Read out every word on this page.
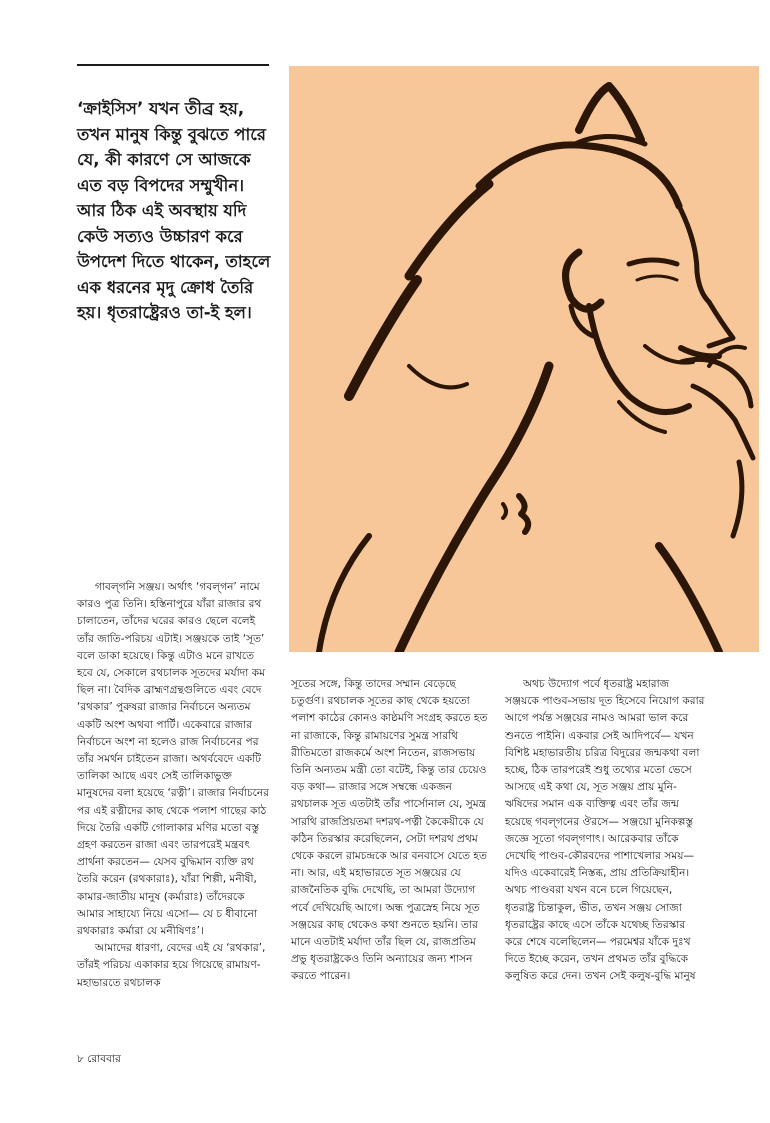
‘ক্রাইসিস’ যখন তীব্র হয়, তখন মানুষ কিন্তু বুঝতে পারে যে, কী কারণে সে আজকে এত বড় বিপদের সম্মুখীন। আর ঠিক এই অবস্থায় যদি কেউ সত্যও উচ্চারণ করে উপদেশ দিতে থাকেন, তাহলে এক ধরনের মৃদু ক্রোধ তৈরি হয়। ধৃতরাষ্ট্রেরও তা-ই হল।

গাবল্‌গনি সঞ্জয়। অর্থাৎ ‘গবল্‌গন’ নামে কারও পুত্র তিনি। হস্তিনাপুরে যাঁরা রাজার রথ চালাতেন, তাঁদের ঘরের কারও ছেলে বলেই তাঁর জাতি-পরিচয় এটাই। সঞ্জয়কে তাই ‘সূত’ বলে ডাকা হয়েছে। কিন্তু এটাও মনে রাখতে হবে যে, সেকালে রথচালক সূতদের মর্যাদা কম ছিল না। বৈদিক ব্রাহ্মণগ্রন্থগুলিতে এবং বেদে ‘রথকার’ পুরুষরা রাজার নির্বাচনে অন্যতম একটি অংশ অথবা পার্টি। একেবারে রাজার নির্বাচনে অংশ না হলেও রাজ নির্বাচনের পর তাঁর সমর্থন চাইতেন রাজা। অথর্ববেদে একটি তালিকা আছে এবং সেই তালিকাভুক্ত মানুষদের বলা হয়েছে ‘রত্নী’। রাজার নির্বাচনের পর এই রত্নীদের কাছ থেকে পলাশ গাছের কাঠ দিয়ে তৈরি একটি গোলাকার মণির মতো বস্তু গ্রহণ করতেন রাজা এবং তারপরেই মন্ত্রবৎ প্রার্থনা করতেন— যেসব বুদ্ধিমান ব্যক্তি রথ তৈরি করেন (রথকারাঃ), যাঁরা শিল্পী, মনীষী, কামার-জাতীয় মানুষ (কর্মারাঃ) তাঁদেরকে আমার সাহায্যে নিয়ে এসো— যে চ ধীবানো রথকারাঃ কর্মারা যে মনীষিণঃ’।

আমাদের ধারণা, বেদের এই যে ‘রথকার’, তাঁরই পরিচয় একাকার হয়ে গিয়েছে রামায়ণ-মহাভারতে রথচালক

সূতের সঙ্গে, কিন্তু তাদের সম্মান বেড়েছে চতুর্গুণ। রথচালক সূতের কাছ থেকে হয়তো পলাশ কাঠের কোনও কাষ্ঠমণি সংগ্রহ করতে হত না রাজাকে, কিন্তু রামায়ণের সুমন্ত্র সারথি রীতিমতো রাজকর্মে অংশ নিতেন, রাজসভায় তিনি অন্যতম মন্ত্রী তো বটেই, কিন্তু তার চেয়েও বড় কথা— রাজার সঙ্গে সম্বন্ধে একজন রথচালক সূত এতটাই তাঁর পার্সোনাল যে, সুমন্ত্র সারথি রাজপ্রিয়তমা দশরথ-পত্নী কৈকেয়ীকে যে কঠিন তিরস্কার করেছিলেন, সেটা দশরথ প্রথম থেকে করলে রামচন্দ্রকে আর বনবাসে যেতে হত না। আর, এই মহাভারতে সূত সঞ্জয়ের যে রাজনৈতিক বুদ্ধি দেখেছি, তা আমরা উদ্যোগ পর্বে দেখিয়েছি আগে। অন্ধ পুত্রস্নেহ নিয়ে সূত সঞ্জয়ের কাছ থেকেও কথা শুনতে হয়নি। তার মানে এতটাই মর্যাদা তাঁর ছিল যে, রাজপ্রতিম প্রভু ধৃতরাষ্ট্রকেও তিনি অন্যায়ের জন্য শাসন করতে পারেন।

অথচ উদ্যোগ পর্বে ধৃতরাষ্ট্র মহারাজ সঞ্জয়কে পাণ্ডব-সভায় দূত হিসেবে নিয়োগ করার আগে পর্যন্ত সঞ্জয়ের নামও আমরা ভাল করে শুনতে পাইনি। একবার সেই আদিপর্বে— যখন বিশিষ্ট মহাভারতীয় চরিত্র বিদুরের জন্মকথা বলা হচ্ছে, ঠিক তারপরেই শুধু তথ্যের মতো ভেসে আসছে এই কথা যে, সূত সঞ্জয় প্রায় মুনি-ঋষিদের সমান এক ব্যক্তিত্ব এবং তাঁর জন্ম হয়েছে গবল্‌গনের ঔরসে— সঞ্জয়ো মুনিকল্পস্তু জজ্ঞে সূতো গবল্‌গণাৎ। আরেকবার তাঁকে দেখেছি পাণ্ডব-কৌরবদের পাশাখেলার সময়— যদিও একেবারেই নিস্তব্ধ, প্রায় প্রতিক্রিয়াহীন। অথচ পাণ্ডবরা যখন বনে চলে গিয়েছেন, ধৃতরাষ্ট্র চিন্তাকুল, ভীত, তখন সঞ্জয় সোজা ধৃতরাষ্ট্রের কাছে এসে তাঁকে যথেচ্ছ তিরস্কার করে শেষে বলেছিলেন— পরমেশ্বর যাঁকে দুঃখ দিতে ইচ্ছে করেন, তখন প্রথমত তাঁর বুদ্ধিকে কলুষিত করে দেন। তখন সেই কলুষ-বুদ্ধি মানুষ

৮ রোববার
